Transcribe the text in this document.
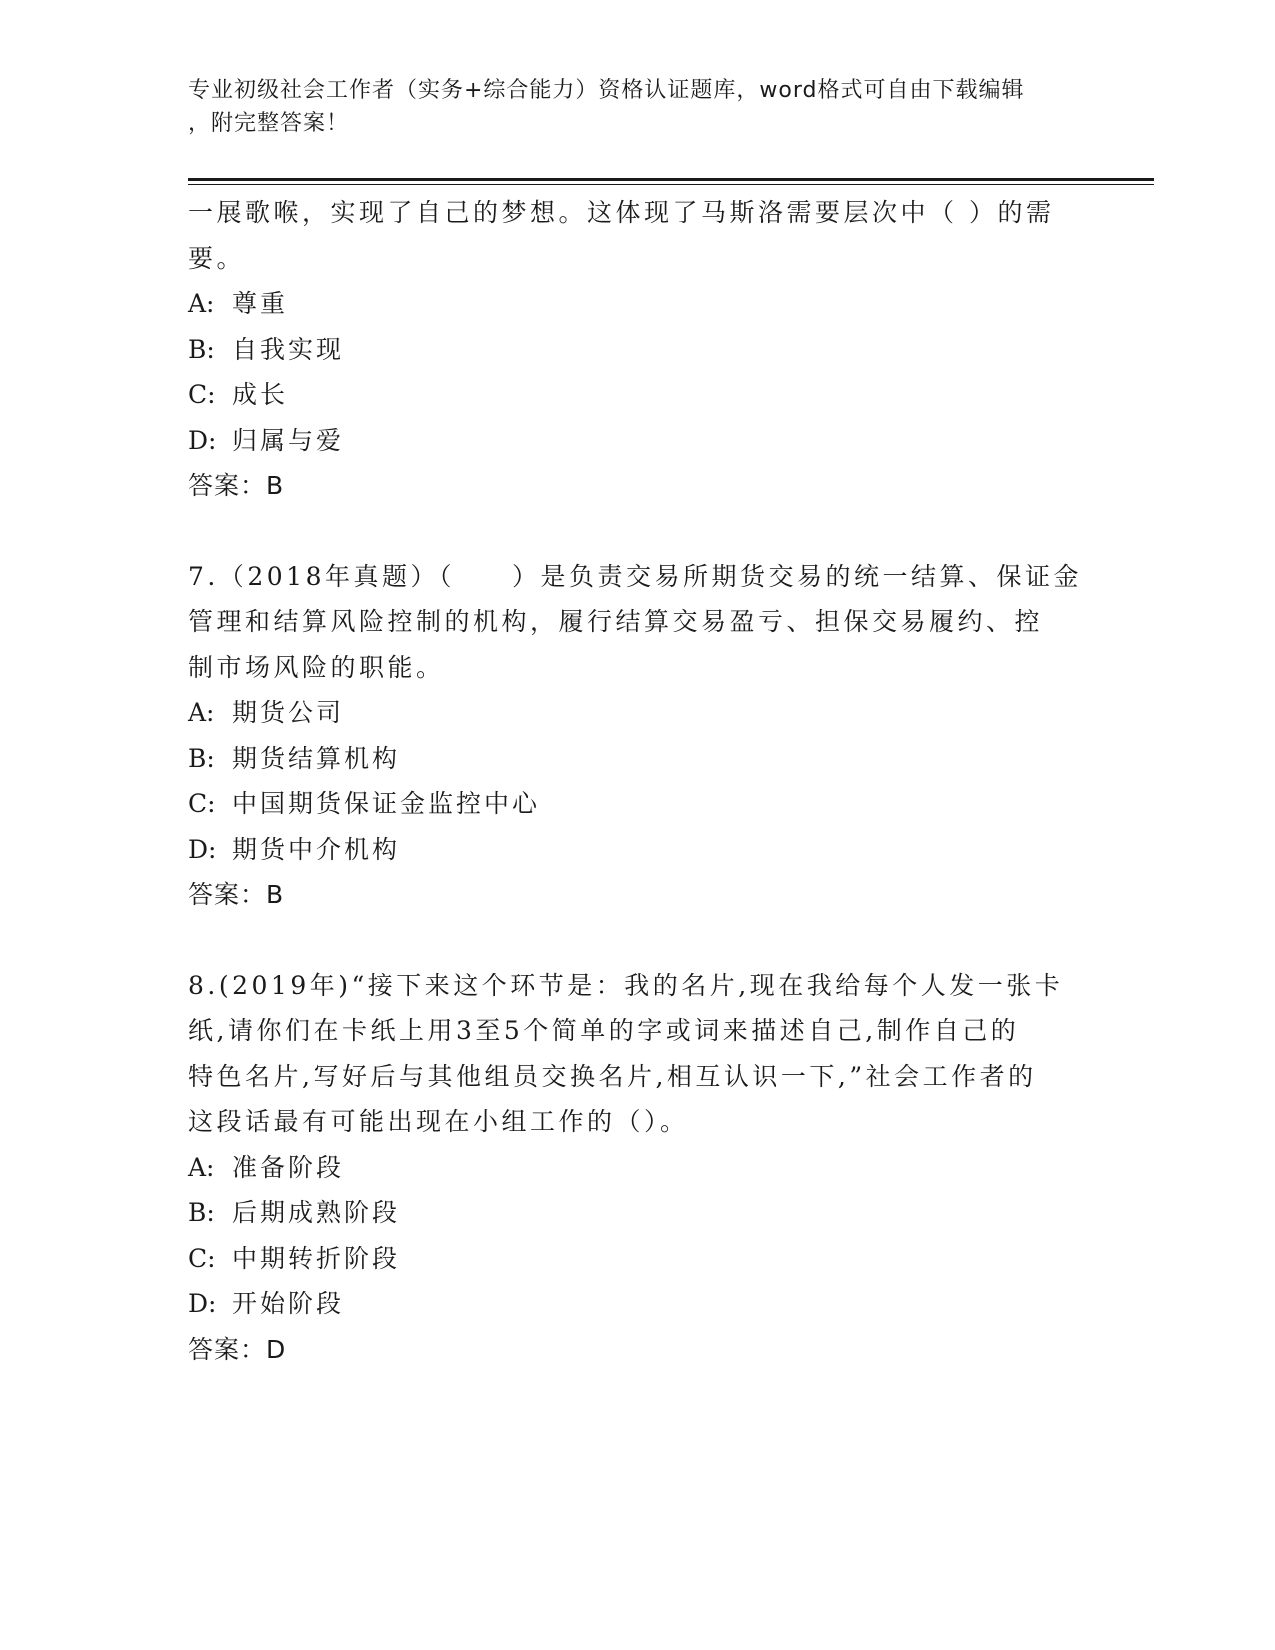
专业初级社会工作者（实务+综合能力）资格认证题库，word格式可自由下载编辑
，附完整答案！

一展歌喉，实现了自己的梦想。这体现了马斯洛需要层次中（ ）的需

要。

A: 尊重

B: 自我实现

C: 成长

D: 归属与爱

答案：B

7.（2018年真题）（　　）是负责交易所期货交易的统一结算、保证金

管理和结算风险控制的机构，履行结算交易盈亏、担保交易履约、控

制市场风险的职能。

A: 期货公司

B: 期货结算机构

C: 中国期货保证金监控中心

D: 期货中介机构

答案：B

8.(2019年)“接下来这个环节是：我的名片,现在我给每个人发一张卡

纸,请你们在卡纸上用3至5个简单的字或词来描述自己,制作自己的

特色名片,写好后与其他组员交换名片,相互认识一下,”社会工作者的

这段话最有可能出现在小组工作的（）。

A: 准备阶段

B: 后期成熟阶段

C: 中期转折阶段

D: 开始阶段

答案：D
